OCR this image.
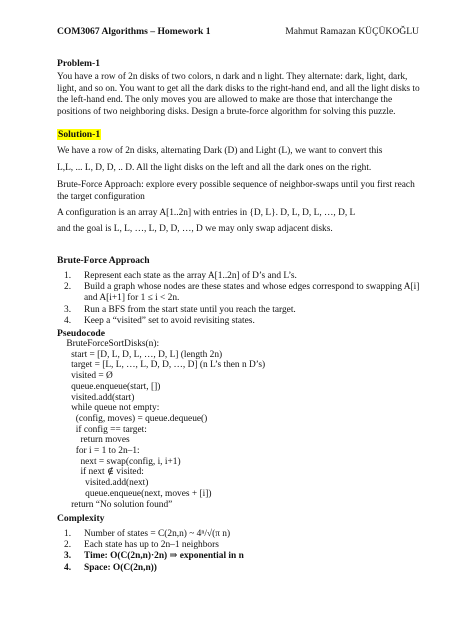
COM3067 Algorithms – Homework 1	Mahmut Ramazan KÜÇÜKOĞLU
Problem-1
You have a row of 2n disks of two colors, n dark and n light. They alternate: dark, light, dark, light, and so on. You want to get all the dark disks to the right-hand end, and all the light disks to the left-hand end. The only moves you are allowed to make are those that interchange the positions of two neighboring disks. Design a brute-force algorithm for solving this puzzle.
Solution-1
We have a row of 2n disks, alternating Dark (D) and Light (L), we want to convert this
L,L, ... L, D, D, .. D. All the light disks on the left and all the dark ones on the right.
Brute-Force Approach: explore every possible sequence of neighbor-swaps until you first reach the target configuration
A configuration is an array A[1..2n] with entries in {D, L}. D, L, D, L, …, D, L
and the goal is L, L, …, L, D, D, …, D we may only swap adjacent disks.
Brute-Force Approach
1. Represent each state as the array A[1..2n] of D’s and L’s.
2. Build a graph whose nodes are these states and whose edges correspond to swapping A[i] and A[i+1] for 1 ≤ i < 2n.
3. Run a BFS from the start state until you reach the target.
4. Keep a “visited” set to avoid revisiting states.
Pseudocode
BruteForceSortDisks(n):
start = [D, L, D, L, …, D, L] (length 2n)
target = [L, L, …, L, D, D, …, D] (n L’s then n D’s)
visited = Ø
queue.enqueue(start, [])
visited.add(start)
while queue not empty:
(config, moves) = queue.dequeue()
if config == target:
return moves
for i = 1 to 2n–1:
next = swap(config, i, i+1)
if next ∉ visited:
visited.add(next)
queue.enqueue(next, moves + [i])
return “No solution found”
Complexity
1. Number of states = C(2n,n) ~ 4ⁿ/√(π n)
2. Each state has up to 2n–1 neighbors
3. Time: O(C(2n,n)·2n) ⇒ exponential in n
4. Space: O(C(2n,n))
